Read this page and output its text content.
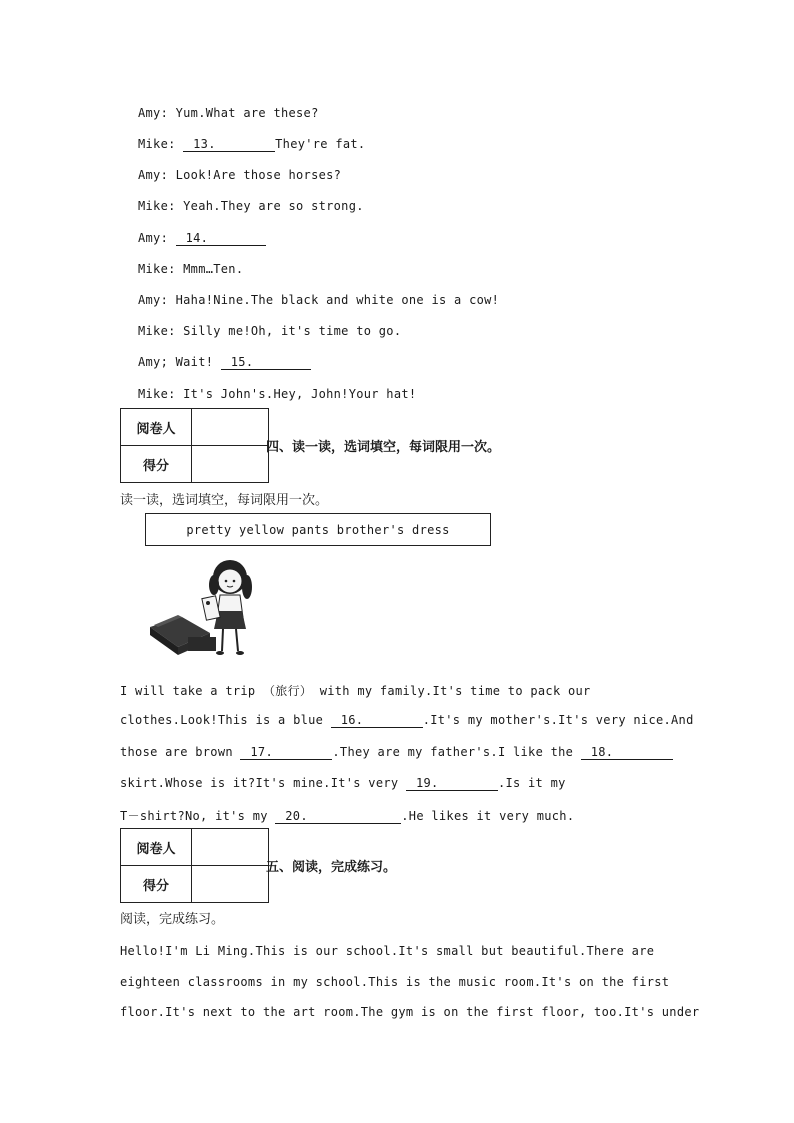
Amy: Yum.What are these?
Mike: 13.	They're fat.
Amy: Look!Are those horses?
Mike: Yeah.They are so strong.
Amy: 14.
Mike: Mmm…Ten.
Amy: Haha!Nine.The black and white one is a cow!
Mike: Silly me!Oh, it's time to go.
Amy; Wait! 15.
Mike: It's John's.Hey, John!Your hat!
阅卷人	
得分	
四、读一读，选词填空，每词限用一次。
读一读，选词填空，每词限用一次。
pretty yellow pants brother's dress
I will take a trip （旅行） with my family.It's time to pack our
clothes.Look!This is a blue 16.	.It's my mother's.It's very nice.And
those are brown 17.	.They are my father's.I like the 18.
skirt.Whose is it?It's mine.It's very 19.	.Is it my
T－shirt?No, it's my 20.	.He likes it very much.
阅卷人	
得分	
五、阅读，完成练习。
阅读，完成练习。
Hello!I'm Li Ming.This is our school.It's small but beautiful.There are
eighteen classrooms in my school.This is the music room.It's on the first
floor.It's next to the art room.The gym is on the first floor, too.It's under
